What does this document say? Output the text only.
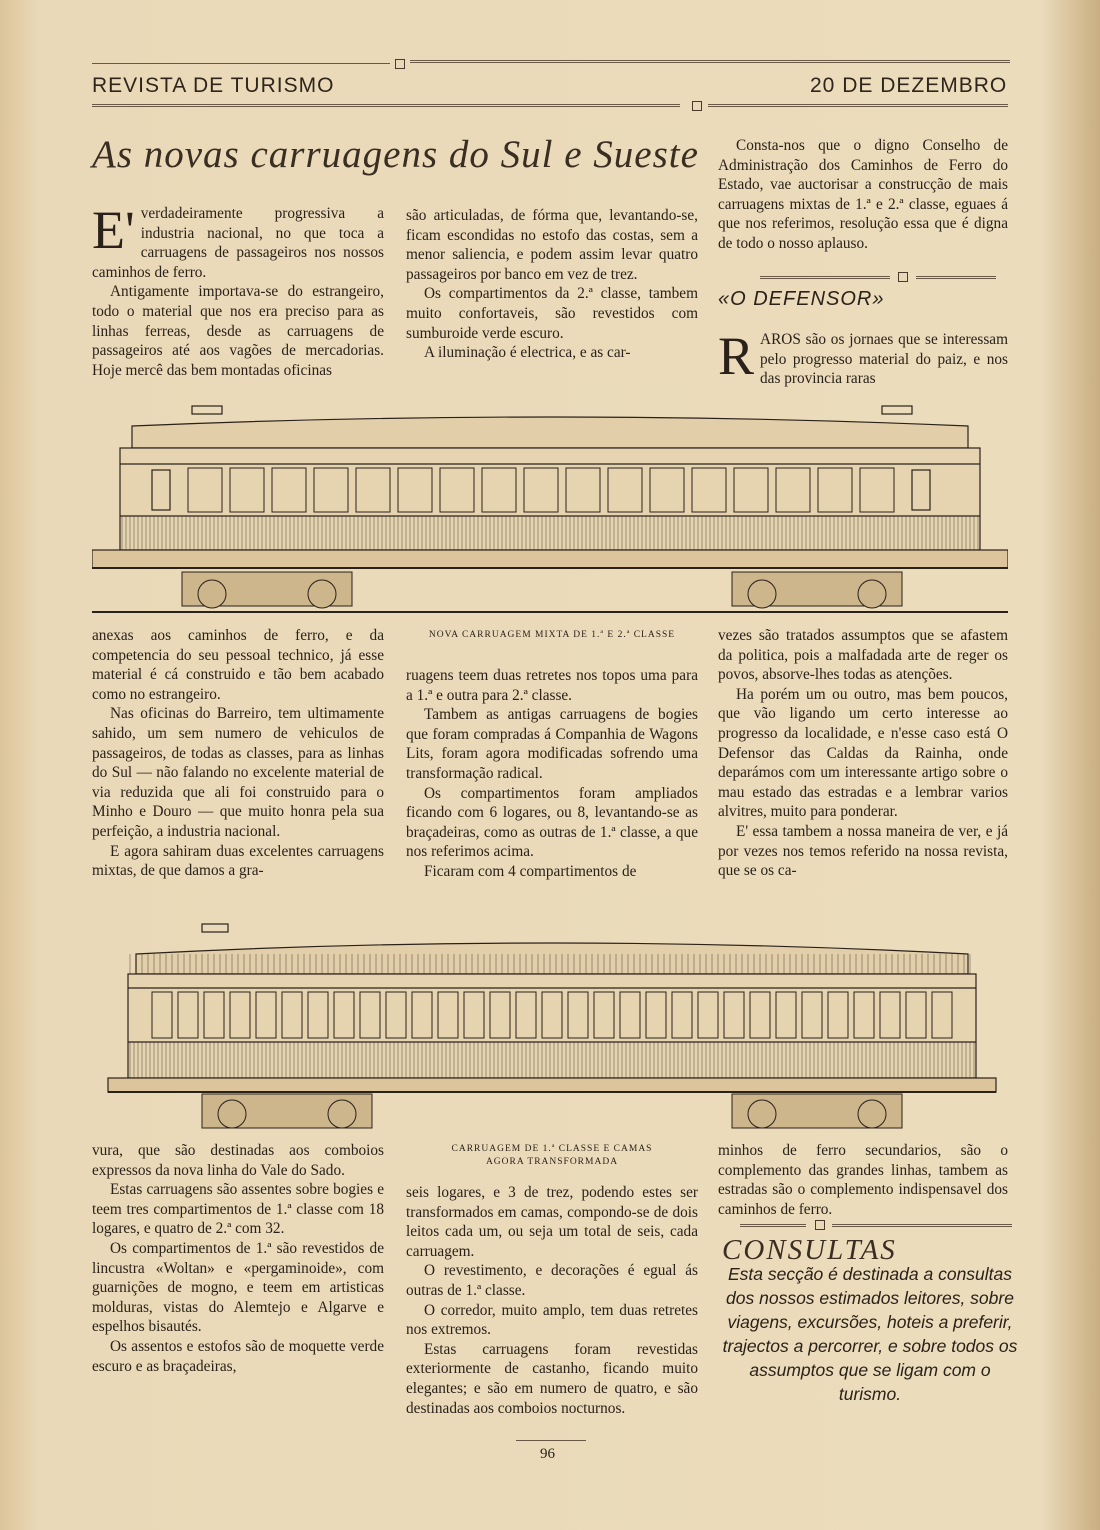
REVISTA DE TURISMO	20 DE DEZEMBRO
As novas carruagens do Sul e Sueste

E' verdadeiramente progressiva a industria nacional, no que toca a carruagens de passageiros nos nossos caminhos de ferro.

Antigamente importava-se do estrangeiro, todo o material que nos era preciso para as linhas ferreas, desde as carruagens de passageiros até aos vagões de mercadorias. Hoje mercê das bem montadas oficinas

são articuladas, de fórma que, levantando-se, ficam escondidas no estofo das costas, sem a menor saliencia, e podem assim levar quatro passageiros por banco em vez de trez.

Os compartimentos da 2.ª classe, tambem muito confortaveis, são revestidos com sumburoide verde escuro.

A iluminação é electrica, e as car-

Consta-nos que o digno Conselho de Administração dos Caminhos de Ferro do Estado, vae auctorisar a construcção de mais carruagens mixtas de 1.ª e 2.ª classe, eguaes á que nos referimos, resolução essa que é digna de todo o nosso aplauso.

«O DEFENSOR»

RAROS são os jornaes que se interessam pelo progresso material do paiz, e nos das provincia raras

NOVA CARRUAGEM MIXTA DE 1.ª E 2.ª CLASSE

anexas aos caminhos de ferro, e da competencia do seu pessoal technico, já esse material é cá construido e tão bem acabado como no estrangeiro.

Nas oficinas do Barreiro, tem ultimamente sahido, um sem numero de vehiculos de passageiros, de todas as classes, para as linhas do Sul — não falando no excelente material de via reduzida que ali foi construido para o Minho e Douro — que muito honra pela sua perfeição, a industria nacional.

E agora sahiram duas excelentes carruagens mixtas, de que damos a gra-

ruagens teem duas retretes nos topos uma para a 1.ª e outra para 2.ª classe.

Tambem as antigas carruagens de bogies que foram compradas á Companhia de Wagons Lits, foram agora modificadas sofrendo uma transformação radical.

Os compartimentos foram ampliados ficando com 6 logares, ou 8, levantando-se as braçadeiras, como as outras de 1.ª classe, a que nos referimos acima.

Ficaram com 4 compartimentos de

vezes são tratados assumptos que se afastem da politica, pois a malfadada arte de reger os povos, absorve-lhes todas as atenções.

Ha porém um ou outro, mas bem poucos, que vão ligando um certo interesse ao progresso da localidade, e n'esse caso está O Defensor das Caldas da Rainha, onde deparámos com um interessante artigo sobre o mau estado das estradas e a lembrar varios alvitres, muito para ponderar.

E' essa tambem a nossa maneira de ver, e já por vezes nos temos referido na nossa revista, que se os ca-

CARRUAGEM DE 1.ª CLASSE E CAMAS
AGORA TRANSFORMADA

vura, que são destinadas aos comboios expressos da nova linha do Vale do Sado.

Estas carruagens são assentes sobre bogies e teem tres compartimentos de 1.ª classe com 18 logares, e quatro de 2.ª com 32.

Os compartimentos de 1.ª são revestidos de lincustra «Woltan» e «pergaminoide», com guarnições de mogno, e teem em artisticas molduras, vistas do Alemtejo e Algarve e espelhos bisautés.

Os assentos e estofos são de moquette verde escuro e as braçadeiras,

seis logares, e 3 de trez, podendo estes ser transformados em camas, compondo-se de dois leitos cada um, ou seja um total de seis, cada carruagem.

O revestimento, e decorações é egual ás outras de 1.ª classe.

O corredor, muito amplo, tem duas retretes nos extremos.

Estas carruagens foram revestidas exteriormente de castanho, ficando muito elegantes; e são em numero de quatro, e são destinadas aos comboios nocturnos.

minhos de ferro secundarios, são o complemento das grandes linhas, tambem as estradas são o complemento indispensavel dos caminhos de ferro.

CONSULTAS
Esta secção é destinada a consultas dos nossos estimados leitores, sobre viagens, excursões, hoteis a preferir, trajectos a percorrer, e sobre todos os assumptos que se ligam com o turismo.
96
